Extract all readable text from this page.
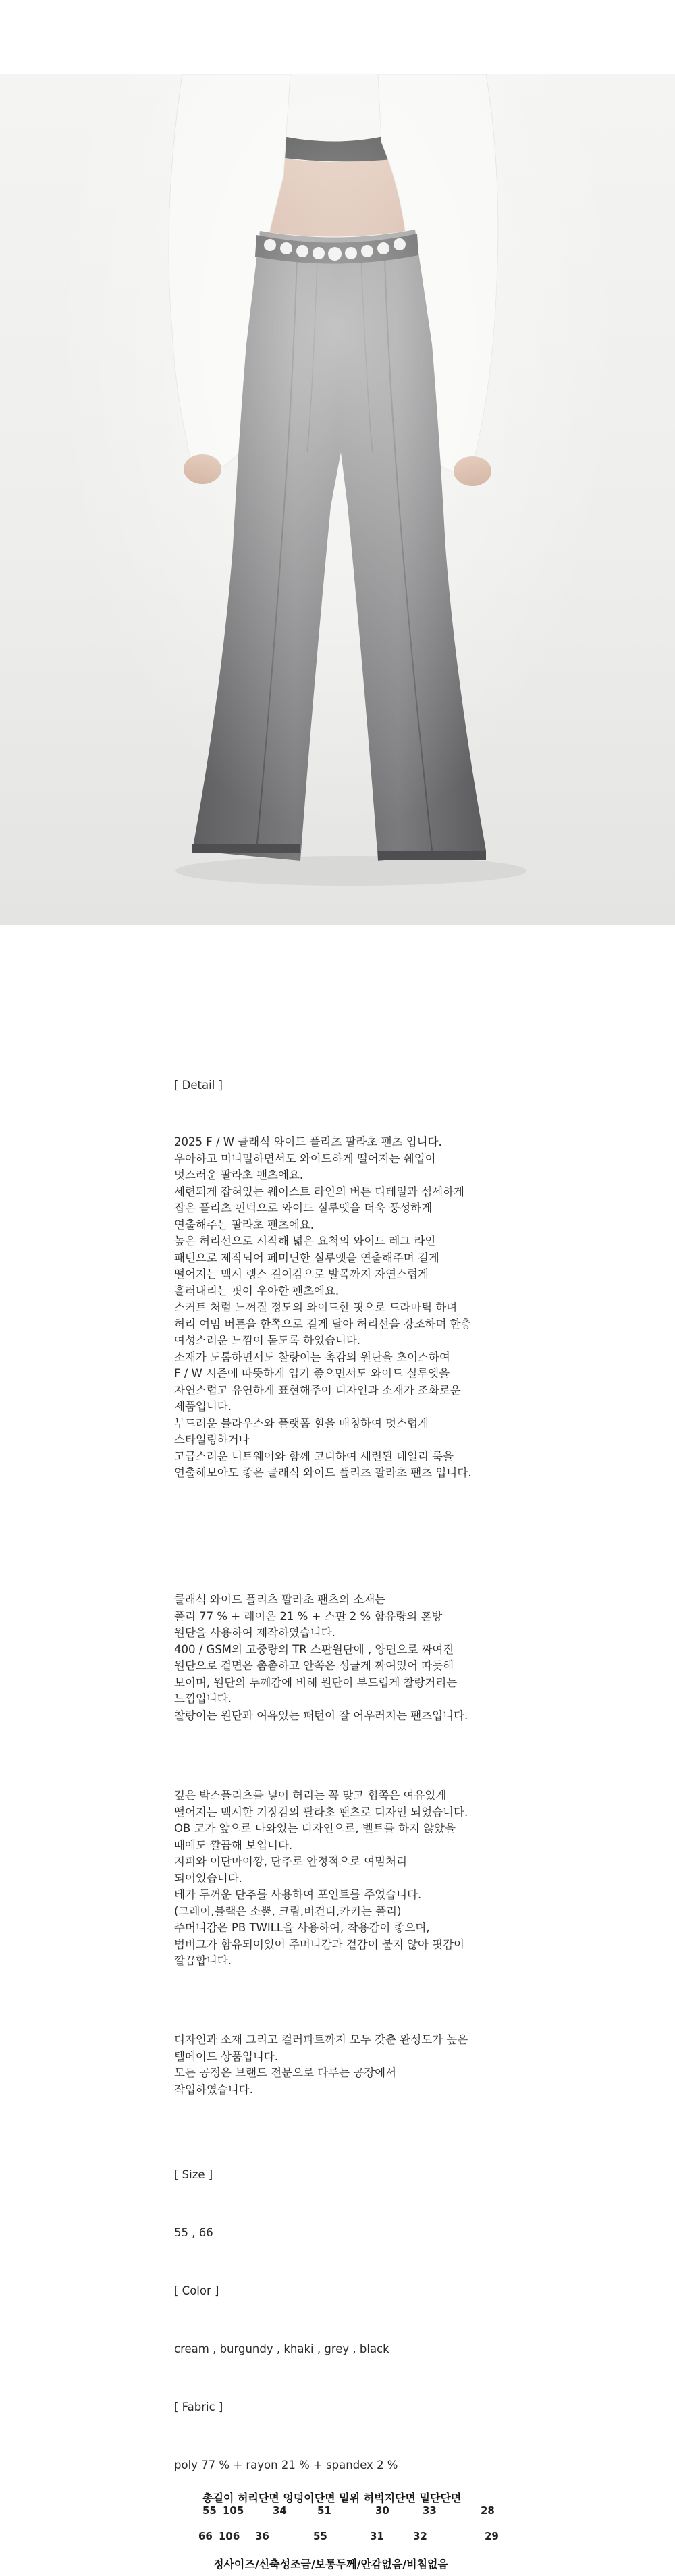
[ Detail ]
2025 F / W 클래식 와이드 플리츠 팔라초 팬츠 입니다.
우아하고 미니멀하면서도 와이드하게 떨어지는 쉐입이
멋스러운 팔라초 팬츠에요.
세련되게 잡혀있는 웨이스트 라인의 버튼 디테일과 섬세하게
잡은 플리츠 핀턱으로 와이드 실루엣을 더욱 풍성하게
연출해주는 팔라초 팬츠에요.
높은 허리선으로 시작해 넓은 요척의 와이드 레그 라인
패턴으로 제작되어 페미닌한 실루엣을 연출해주며 길게
떨어지는 맥시 렝스 길이감으로 발목까지 자연스럽게
흘러내리는 핏이 우아한 팬츠에요.
스커트 처럼 느껴질 정도의 와이드한 핏으로 드라마틱 하며
허리 여밈 버튼을 한쪽으로 길게 달아 허리선을 강조하며 한층
여성스러운 느낌이 돋도록 하였습니다.
소재가 도톰하면서도 찰랑이는 촉감의 원단을 초이스하여
F / W 시즌에 따뜻하게 입기 좋으면서도 와이드 실루엣을
자연스럽고 유연하게 표현해주어 디자인과 소재가 조화로운
제품입니다.
부드러운 블라우스와 플랫폼 힐을 매칭하여 멋스럽게
스타일링하거나
고급스러운 니트웨어와 함께 코디하여 세련된 데일리 룩을
연출해보아도 좋은 클래식 와이드 플리츠 팔라초 팬츠 입니다.
클래식 와이드 플리츠 팔라초 팬츠의 소재는
폴리 77 % + 레이온 21 % + 스판 2 % 함유량의 혼방
원단을 사용하여 제작하였습니다.
400 / GSM의 고중량의 TR 스판원단에 , 양면으로 짜여진
원단으로 겉면은 촘촘하고 안쪽은 성글게 짜여있어 따듯해
보이며, 원단의 두께감에 비해 원단이 부드럽게 찰랑거리는
느낌입니다.
찰랑이는 원단과 여유있는 패턴이 잘 어우러지는 팬츠입니다.
깊은 박스플리츠를 넣어 허리는 꼭 맞고 힙쪽은 여유있게
떨어지는 맥시한 기장감의 팔라초 팬츠로 디자인 되었습니다.
OB 코가 앞으로 나와있는 디자인으로, 벨트를 하지 않았을
때에도 깔끔해 보입니다.
지퍼와 이단마이깡, 단추로 안정적으로 여밈처리
되어있습니다.
테가 두꺼운 단추를 사용하여 포인트를 주었습니다.
(그레이,블랙은 소뿔, 크림,버건디,카키는 폴리)
주머니감은 PB TWILL을 사용하여, 착용감이 좋으며,
범버그가 함유되어있어 주머니감과 겉감이 붙지 않아 핏감이
깔끔합니다.
디자인과 소재 그리고 컬러파트까지 모두 갖춘 완성도가 높은
텔메이드 상품입니다.
모든 공정은 브랜드 전문으로 다루는 공장에서
작업하였습니다.
[ Size ]
55 , 66
[ Color ]
cream , burgundy , khaki , grey , black
[ Fabric ]
poly 77 % + rayon 21 % + spandex 2 %
총길이 허리단면 엉덩이단면 밑위 허벅지단면 밑단단면
55 105	34	51	30	33	28
66 106 36	55	31	32	29
정사이즈/신축성조금/보통두께/안감없음/비침없음
